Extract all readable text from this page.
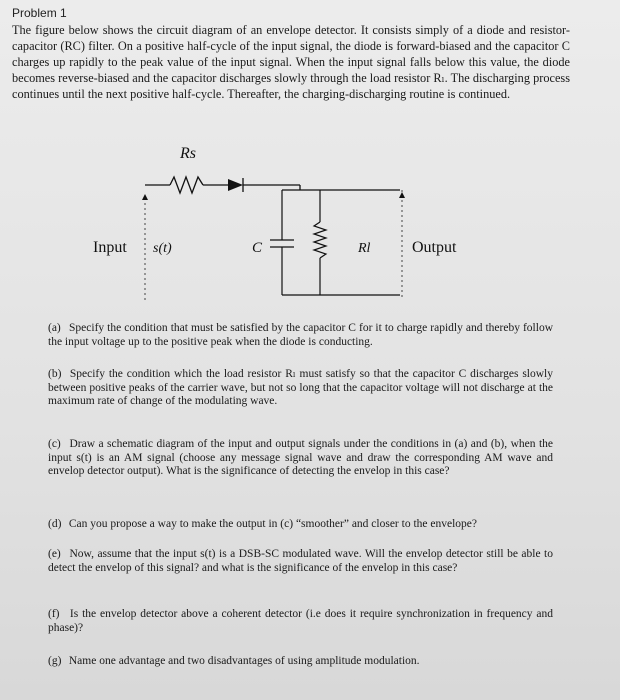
Problem 1
The figure below shows the circuit diagram of an envelope detector. It consists simply of a diode and resistor-capacitor (RC) filter. On a positive half-cycle of the input signal, the diode is forward-biased and the capacitor C charges up rapidly to the peak value of the input signal. When the input signal falls below this value, the diode becomes reverse-biased and the capacitor discharges slowly through the load resistor Rₗ. The discharging process continues until the next positive half-cycle. Thereafter, the charging-discharging routine is continued.
Rs
Input s(t)	C	Rl	Output
(a) Specify the condition that must be satisfied by the capacitor C for it to charge rapidly and thereby follow the input voltage up to the positive peak when the diode is conducting.
(b) Specify the condition which the load resistor Rₗ must satisfy so that the capacitor C discharges slowly between positive peaks of the carrier wave, but not so long that the capacitor voltage will not discharge at the maximum rate of change of the modulating wave.
(c) Draw a schematic diagram of the input and output signals under the conditions in (a) and (b), when the input s(t) is an AM signal (choose any message signal wave and draw the corresponding AM wave and envelop detector output). What is the significance of detecting the envelop in this case?
(d) Can you propose a way to make the output in (c) “smoother” and closer to the envelope?
(e) Now, assume that the input s(t) is a DSB-SC modulated wave. Will the envelop detector still be able to detect the envelop of this signal? and what is the significance of the envelop in this case?
(f) Is the envelop detector above a coherent detector (i.e does it require synchronization in frequency and phase)?
(g) Name one advantage and two disadvantages of using amplitude modulation.
